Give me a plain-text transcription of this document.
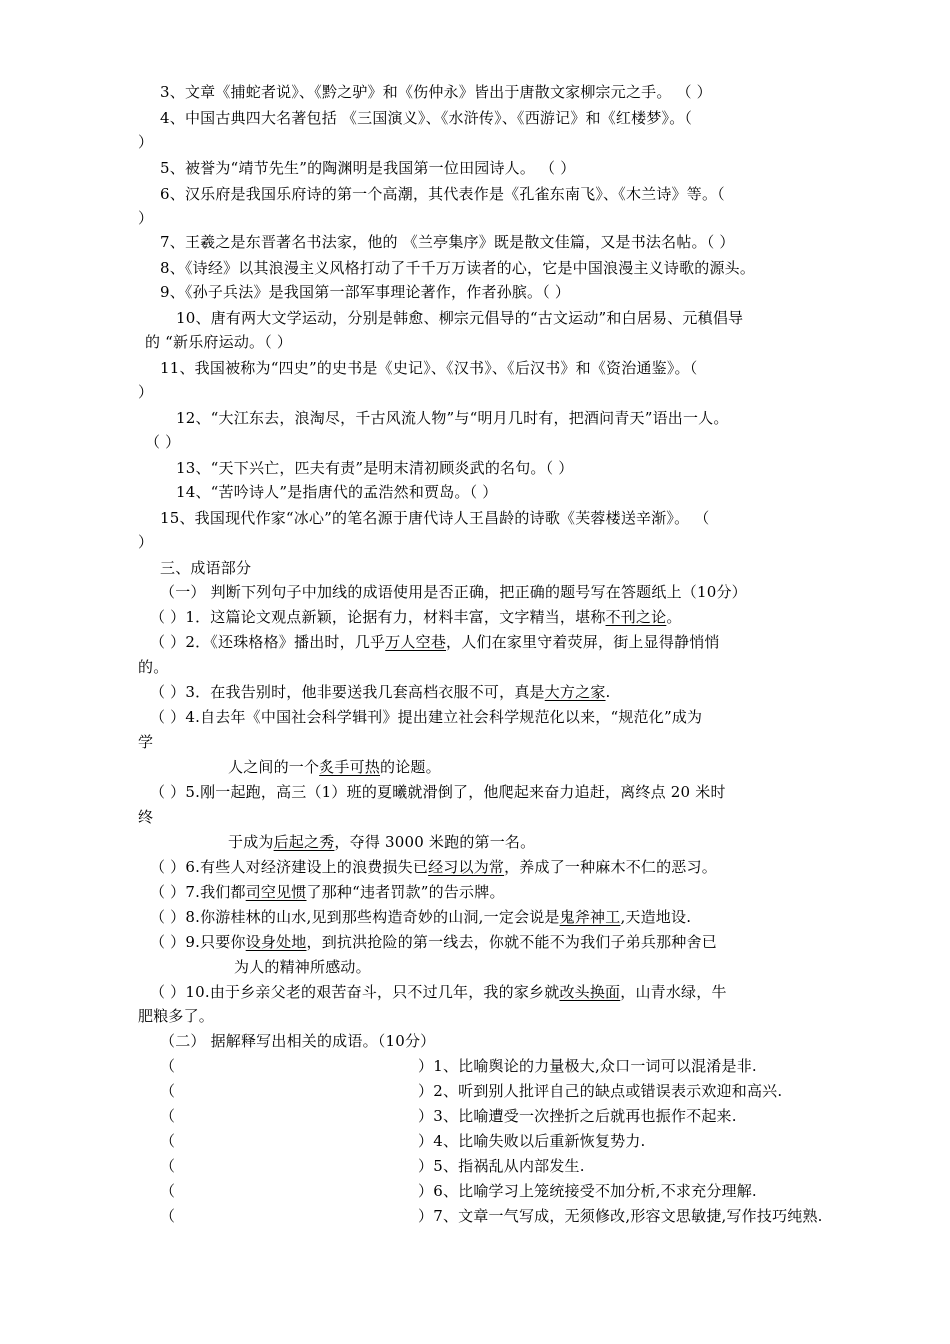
3、文章《捕蛇者说》、《黔之驴》和《伤仲永》皆出于唐散文家柳宗元之手。 （ ）
4、中国古典四大名著包括 《三国演义》、《水浒传》、《西游记》和《红楼梦》。（
）
5、被誉为“靖节先生”的陶渊明是我国第一位田园诗人。 （ ）
6、汉乐府是我国乐府诗的第一个高潮，其代表作是《孔雀东南飞》、《木兰诗》等。（
）
7、王羲之是东晋著名书法家，他的 《兰亭集序》既是散文佳篇，又是书法名帖。（ ）
8、《诗经》以其浪漫主义风格打动了千千万万读者的心，它是中国浪漫主义诗歌的源头。
9、《孙子兵法》是我国第一部军事理论著作，作者孙膑。（ ）
10、唐有两大文学运动，分别是韩愈、柳宗元倡导的“古文运动”和白居易、元稹倡导
的 “新乐府运动。（ ）
11、我国被称为“四史”的史书是《史记》、《汉书》、《后汉书》和《资治通鉴》。（
）
12、“大江东去，浪淘尽，千古风流人物”与“明月几时有，把酒问青天”语出一人。
（ ）
13、“天下兴亡，匹夫有责”是明末清初顾炎武的名句。（ ）
14、“苦吟诗人”是指唐代的孟浩然和贾岛。（ ）
15、我国现代作家“冰心”的笔名源于唐代诗人王昌龄的诗歌《芙蓉楼送辛渐》。 （
）
三、成语部分
（一） 判断下列句子中加线的成语使用是否正确，把正确的题号写在答题纸上（10分）
（ ）1．这篇论文观点新颖，论据有力，材料丰富，文字精当，堪称不刊之论。
（ ）2．《还珠格格》播出时，几乎万人空巷，人们在家里守着荧屏，街上显得静悄悄
的。
（ ）3．在我告别时，他非要送我几套高档衣服不可，真是大方之家.
（ ）4.自去年《中国社会科学辑刊》提出建立社会科学规范化以来，“规范化”成为
学
人之间的一个炙手可热的论题。
（ ）5.刚一起跑，高三（1）班的夏曦就滑倒了，他爬起来奋力追赶，离终点 20 米时
终
于成为后起之秀，夺得 3000 米跑的第一名。
（ ）6.有些人对经济建设上的浪费损失已经习以为常，养成了一种麻木不仁的恶习。
（ ）7.我们都司空见惯了那种“违者罚款”的告示牌。
（ ）8.你游桂林的山水,见到那些构造奇妙的山洞,一定会说是鬼斧神工,天造地设.
（ ）9.只要你设身处地，到抗洪抢险的第一线去，你就不能不为我们子弟兵那种舍已
为人的精神所感动。
（ ）10.由于乡亲父老的艰苦奋斗，只不过几年，我的家乡就改头换面，山青水绿，牛
肥粮多了。
（二） 据解释写出相关的成语。（10分）
（	）1、比喻舆论的力量极大,众口一词可以混淆是非.
（	）2、听到别人批评自己的缺点或错误表示欢迎和高兴.
（	）3、比喻遭受一次挫折之后就再也振作不起来.
（	）4、比喻失败以后重新恢复势力.
（	）5、指祸乱从内部发生.
（	）6、比喻学习上笼统接受不加分析,不求充分理解.
（	）7、文章一气写成，无须修改,形容文思敏捷,写作技巧纯熟.
